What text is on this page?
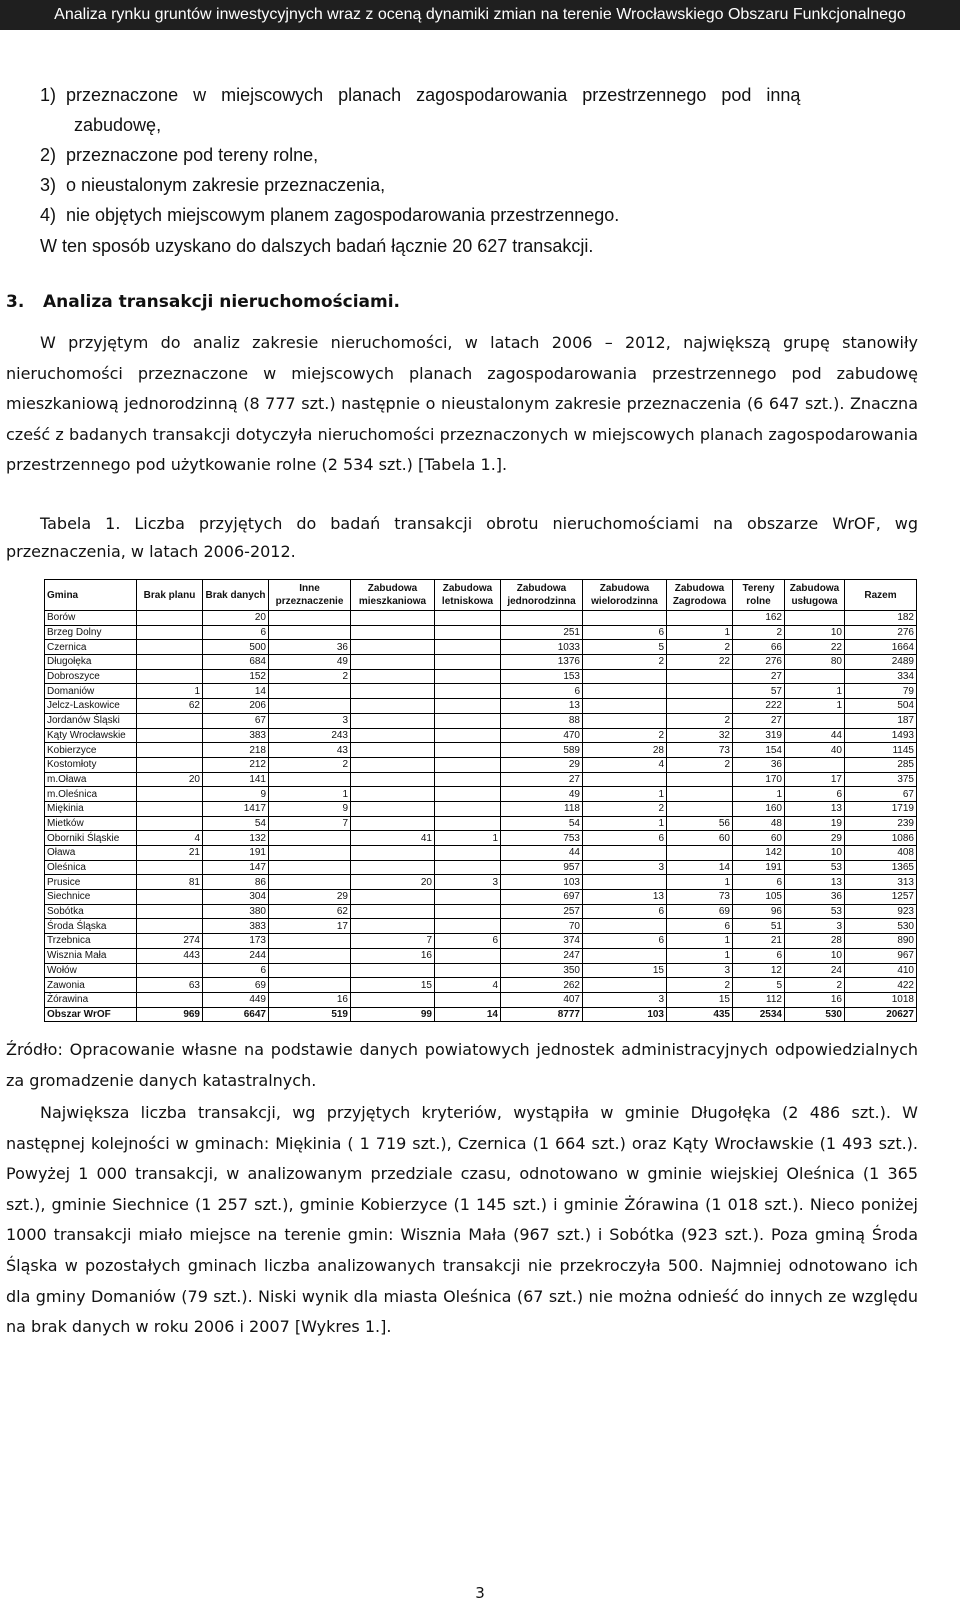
Analiza rynku gruntów inwestycyjnych wraz z oceną dynamiki zmian na terenie Wrocławskiego Obszaru Funkcjonalnego
1)  przeznaczone   w   miejscowych   planach   zagospodarowania   przestrzennego   pod   inną
zabudowę,
2)  przeznaczone pod tereny rolne,
3)  o nieustalonym zakresie przeznaczenia,
4)  nie objętych miejscowym planem zagospodarowania przestrzennego.
W ten sposób uzyskano do dalszych badań łącznie 20 627 transakcji.
3. Analiza transakcji nieruchomościami.
W przyjętym do analiz zakresie nieruchomości, w latach 2006 – 2012, największą grupę stanowiły nieruchomości przeznaczone w miejscowych planach zagospodarowania przestrzennego pod zabudowę mieszkaniową jednorodzinną (8 777 szt.) następnie o nieustalonym zakresie przeznaczenia (6 647 szt.). Znaczna cześć z badanych transakcji dotyczyła nieruchomości przeznaczonych w miejscowych planach zagospodarowania przestrzennego pod użytkowanie rolne (2 534 szt.) [Tabela 1.].
Tabela 1. Liczba przyjętych do badań transakcji obrotu nieruchomościami na obszarze WrOF, wg przeznaczenia, w latach 2006-2012.
Gmina	Brak planu	Brak danych	Inne przeznaczenie	Zabudowa mieszkaniowa	Zabudowa letniskowa	Zabudowa jednorodzinna	Zabudowa wielorodzinna	Zabudowa Zagrodowa	Tereny rolne	Zabudowa usługowa	Razem
Borów		20							162		182
Brzeg Dolny		6				251	6	1	2	10	276
Czernica		500	36			1033	5	2	66	22	1664
Długołęka		684	49			1376	2	22	276	80	2489
Dobroszyce		152	2			153			27		334
Domaniów	1	14				6			57	1	79
Jelcz-Laskowice	62	206				13			222	1	504
Jordanów Śląski		67	3			88		2	27		187
Kąty Wrocławskie		383	243			470	2	32	319	44	1493
Kobierzyce		218	43			589	28	73	154	40	1145
Kostomłoty		212	2			29	4	2	36		285
m.Oława	20	141				27			170	17	375
m.Oleśnica		9	1			49	1		1	6	67
Miękinia		1417	9			118	2		160	13	1719
Mietków		54	7			54	1	56	48	19	239
Oborniki Śląskie	4	132		41	1	753	6	60	60	29	1086
Oława	21	191				44			142	10	408
Oleśnica		147				957	3	14	191	53	1365
Prusice	81	86		20	3	103		1	6	13	313
Siechnice		304	29			697	13	73	105	36	1257
Sobótka		380	62			257	6	69	96	53	923
Środa Śląska		383	17			70		6	51	3	530
Trzebnica	274	173		7	6	374	6	1	21	28	890
Wisznia Mała	443	244		16		247		1	6	10	967
Wołów		6				350	15	3	12	24	410
Zawonia	63	69		15	4	262		2	5	2	422
Żórawina		449	16			407	3	15	112	16	1018
Obszar WrOF	969	6647	519	99	14	8777	103	435	2534	530	20627
Źródło: Opracowanie własne na podstawie danych powiatowych jednostek administracyjnych odpowiedzialnych za gromadzenie danych katastralnych.
Największa liczba transakcji, wg przyjętych kryteriów, wystąpiła w gminie Długołęka (2 486 szt.). W następnej kolejności w gminach: Miękinia ( 1 719 szt.), Czernica (1 664 szt.) oraz Kąty Wrocławskie (1 493 szt.). Powyżej 1 000 transakcji, w analizowanym przedziale czasu, odnotowano w gminie wiejskiej Oleśnica (1 365 szt.), gminie Siechnice (1 257 szt.), gminie Kobierzyce (1 145 szt.) i gminie Żórawina (1 018 szt.). Nieco poniżej 1000 transakcji miało miejsce na terenie gmin: Wisznia Mała (967 szt.) i Sobótka (923 szt.). Poza gminą Środa Śląska w pozostałych gminach liczba analizowanych transakcji nie przekroczyła 500. Najmniej odnotowano ich dla gminy Domaniów (79 szt.). Niski wynik dla miasta Oleśnica (67 szt.) nie można odnieść do innych ze względu na brak danych w roku 2006 i 2007 [Wykres 1.].
3
